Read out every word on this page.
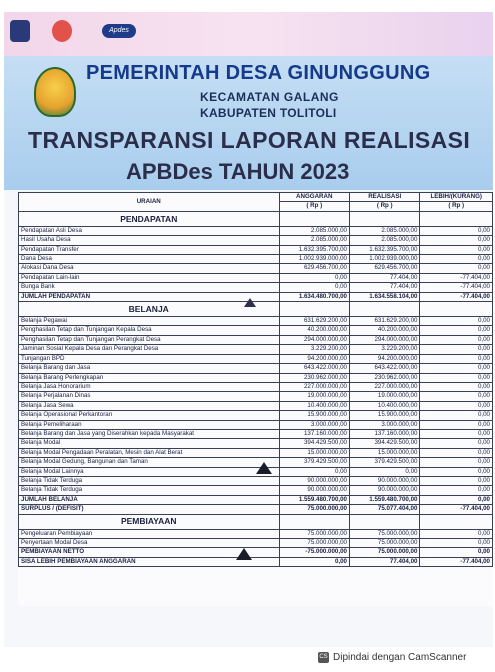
Apdes
PEMERINTAH DESA GINUNGGUNG
KECAMATAN GALANG
KABUPATEN TOLITOLI
TRANSPARANSI LAPORAN REALISASI
APBDes TAHUN 2023
URAIAN	ANGGARAN	REALISASI	LEBIH/(KURANG)
	( Rp )	( Rp )	( Rp )
PENDAPATAN			
Pendapatan Asli Desa	2.085.000,00	2.085.000,00	0,00
Hasil Usaha Desa	2.085.000,00	2.085.000,00	0,00
Pendapatan Transfer	1.632.395.700,00	1.632.395.700,00	0,00
Dana Desa	1.002.939.000,00	1.002.939.000,00	0,00
Alokasi Dana Desa	629.456.700,00	629.456.700,00	0,00
Pendapatan Lain-lain	0,00	77.404,00	-77.404,00
Bunga Bank	0,00	77.404,00	-77.404,00
JUMLAH PENDAPATAN	1.634.480.700,00	1.634.558.104,00	-77.404,00
BELANJA			
Belanja Pegawai	631.629.200,00	631.629.200,00	0,00
Penghasilan Tetap dan Tunjangan Kepala Desa	40.200.000,00	40.200.000,00	0,00
Penghasilan Tetap dan Tunjangan Perangkat Desa	294.000.000,00	294.000.000,00	0,00
Jaminan Sosial Kepala Desa dan Perangkat Desa	3.229.200,00	3.229.200,00	0,00
Tunjangan BPD	94.200.000,00	94.200.000,00	0,00
Belanja Barang dan Jasa	643.422.000,00	643.422.000,00	0,00
Belanja Barang Perlengkapan	230.962.000,00	230.962.000,00	0,00
Belanja Jasa Honorarium	227.000.000,00	227.000.000,00	0,00
Belanja Perjalanan Dinas	19.000.000,00	19.000.000,00	0,00
Belanja Jasa Sewa	10.400.000,00	10.400.000,00	0,00
Belanja Operasional Perkantoran	15.900.000,00	15.900.000,00	0,00
Belanja Pemeliharaan	3.000.000,00	3.000.000,00	0,00
Belanja Barang dan Jasa yang Diserahkan kepada Masyarakat	137.160.000,00	137.160.000,00	0,00
Belanja Modal	394.429.500,00	394.429.500,00	0,00
Belanja Modal Pengadaan Peralatan, Mesin dan Alat Berat	15.000.000,00	15.000.000,00	0,00
Belanja Modal Gedung, Bangunan dan Taman	379.429.500,00	379.429.500,00	0,00
Belanja Modal Lainnya	0,00	0,00	0,00
Belanja Tidak Terduga	90.000.000,00	90.000.000,00	0,00
Belanja Tidak Terduga	90.000.000,00	90.000.000,00	0,00
JUMLAH BELANJA	1.559.480.700,00	1.559.480.700,00	0,00
SURPLUS / (DEFISIT)	75.000.000,00	75.077.404,00	-77.404,00
PEMBIAYAAN			
Pengeluaran Pembiayaan	75.000.000,00	75.000.000,00	0,00
Penyertaan Modal Desa	75.000.000,00	75.000.000,00	0,00
PEMBIAYAAN NETTO	-75.000.000,00	75.000.000,00	0,00
SISA LEBIH PEMBIAYAAN ANGGARAN	0,00	77.404,00	-77.404,00
CS Dipindai dengan CamScanner
